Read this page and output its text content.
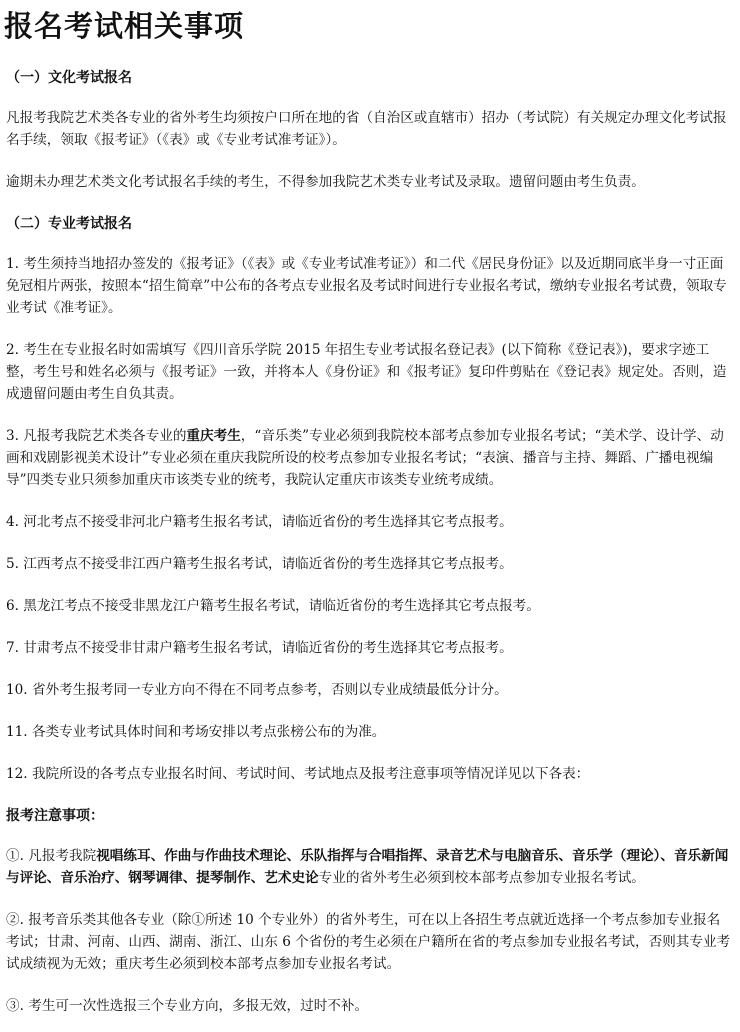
报名考试相关事项
（一）文化考试报名

凡报考我院艺术类各专业的省外考生均须按户口所在地的省（自治区或直辖市）招办（考试院）有关规定办理文化考试报名手续，领取《报考证》（《表》或《专业考试准考证》）。

逾期未办理艺术类文化考试报名手续的考生，不得参加我院艺术类专业考试及录取。遗留问题由考生负责。

（二）专业考试报名

1. 考生须持当地招办签发的《报考证》（《表》或《专业考试准考证》）和二代《居民身份证》以及近期同底半身一寸正面免冠相片两张，按照本“招生简章”中公布的各考点专业报名及考试时间进行专业报名考试，缴纳专业报名考试费，领取专业考试《准考证》。

2. 考生在专业报名时如需填写《四川音乐学院 2015 年招生专业考试报名登记表》(以下简称《登记表》)，要求字迹工整，考生号和姓名必须与《报考证》一致，并将本人《身份证》和《报考证》复印件剪贴在《登记表》规定处。否则，造成遗留问题由考生自负其责。

3. 凡报考我院艺术类各专业的重庆考生，“音乐类”专业必须到我院校本部考点参加专业报名考试；“美术学、设计学、动画和戏剧影视美术设计”专业必须在重庆我院所设的校考点参加专业报名考试；“表演、播音与主持、舞蹈、广播电视编导”四类专业只须参加重庆市该类专业的统考，我院认定重庆市该类专业统考成绩。

4. 河北考点不接受非河北户籍考生报名考试，请临近省份的考生选择其它考点报考。

5. 江西考点不接受非江西户籍考生报名考试，请临近省份的考生选择其它考点报考。

6. 黑龙江考点不接受非黑龙江户籍考生报名考试，请临近省份的考生选择其它考点报考。

7. 甘肃考点不接受非甘肃户籍考生报名考试，请临近省份的考生选择其它考点报考。

10. 省外考生报考同一专业方向不得在不同考点参考，否则以专业成绩最低分计分。

11. 各类专业考试具体时间和考场安排以考点张榜公布的为准。

12. 我院所设的各考点专业报名时间、考试时间、考试地点及报考注意事项等情况详见以下各表：

报考注意事项：

①. 凡报考我院视唱练耳、作曲与作曲技术理论、乐队指挥与合唱指挥、录音艺术与电脑音乐、音乐学（理论）、音乐新闻与评论、音乐治疗、钢琴调律、提琴制作、艺术史论专业的省外考生必须到校本部考点参加专业报名考试。

②. 报考音乐类其他各专业（除①所述 10 个专业外）的省外考生，可在以上各招生考点就近选择一个考点参加专业报名考试；甘肃、河南、山西、湖南、浙江、山东 6 个省份的考生必须在户籍所在省的考点参加专业报名考试，否则其专业考试成绩视为无效；重庆考生必须到校本部考点参加专业报名考试。

③. 考生可一次性选报三个专业方向，多报无效，过时不补。
